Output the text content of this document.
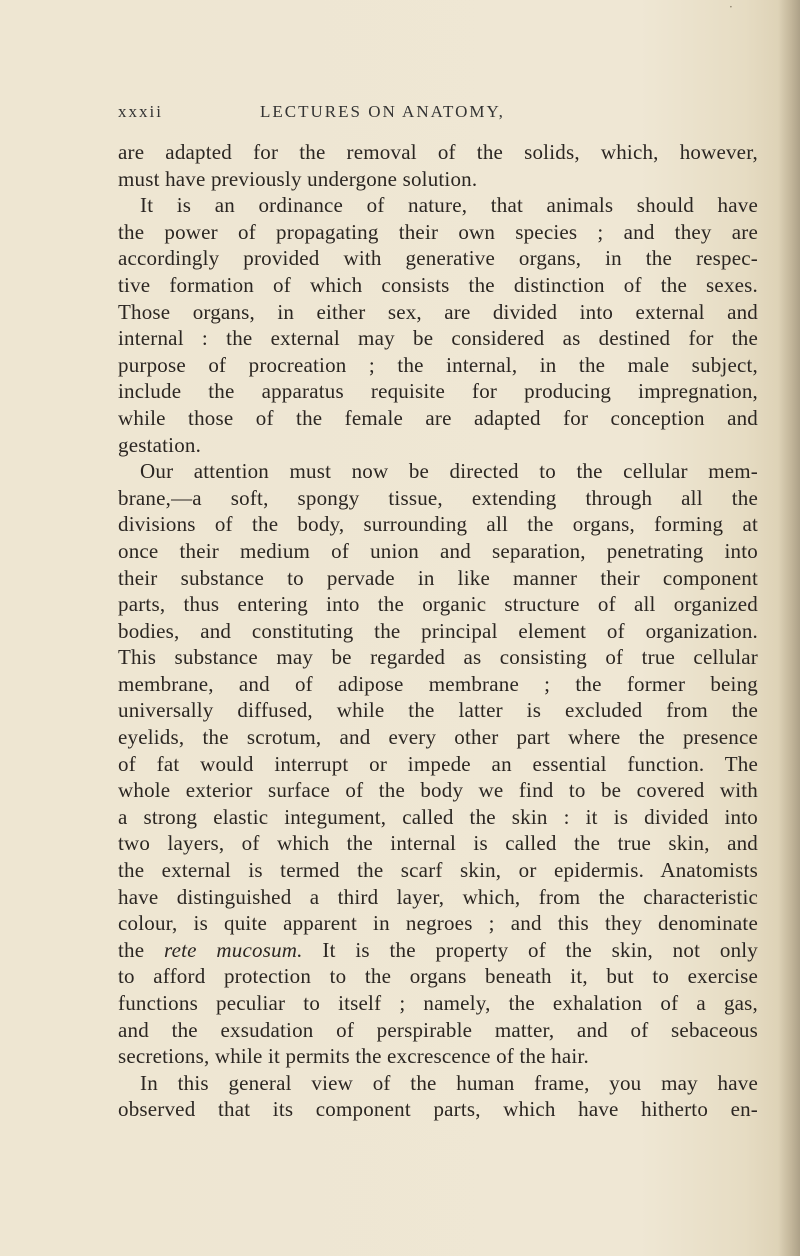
·
xxxii	LECTURES ON ANATOMY,
are adapted for the removal of the solids, which, however,
must have previously undergone solution.
It is an ordinance of nature, that animals should have
the power of propagating their own species ; and they are
accordingly provided with generative organs, in the respec-
tive formation of which consists the distinction of the sexes.
Those organs, in either sex, are divided into external and
internal : the external may be considered as destined for the
purpose of procreation ; the internal, in the male subject,
include the apparatus requisite for producing impregnation,
while those of the female are adapted for conception and
gestation.
Our attention must now be directed to the cellular mem-
brane,—a soft, spongy tissue, extending through all the
divisions of the body, surrounding all the organs, forming at
once their medium of union and separation, penetrating into
their substance to pervade in like manner their component
parts, thus entering into the organic structure of all organized
bodies, and constituting the principal element of organization.
This substance may be regarded as consisting of true cellular
membrane, and of adipose membrane ; the former being
universally diffused, while the latter is excluded from the
eyelids, the scrotum, and every other part where the presence
of fat would interrupt or impede an essential function. The
whole exterior surface of the body we find to be covered with
a strong elastic integument, called the skin : it is divided into
two layers, of which the internal is called the true skin, and
the external is termed the scarf skin, or epidermis. Anatomists
have distinguished a third layer, which, from the characteristic
colour, is quite apparent in negroes ; and this they denominate
the rete mucosum. It is the property of the skin, not only
to afford protection to the organs beneath it, but to exercise
functions peculiar to itself ; namely, the exhalation of a gas,
and the exsudation of perspirable matter, and of sebaceous
secretions, while it permits the excrescence of the hair.
In this general view of the human frame, you may have
observed that its component parts, which have hitherto en-
